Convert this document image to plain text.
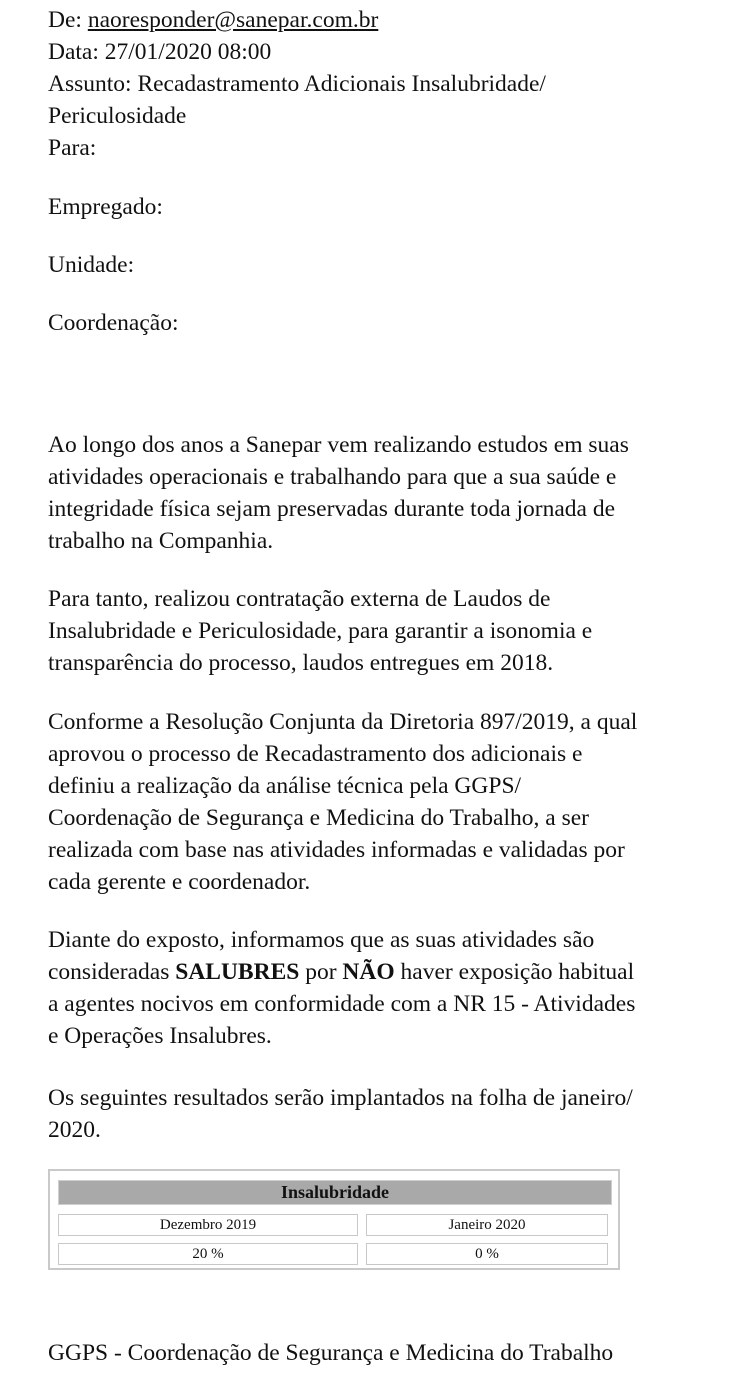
De: naoresponder@sanepar.com.br
Data: 27/01/2020 08:00
Assunto: Recadastramento Adicionais Insalubridade/
Periculosidade
Para:
Empregado:
Unidade:
Coordenação:
Ao longo dos anos a Sanepar vem realizando estudos em suas
atividades operacionais e trabalhando para que a sua saúde e
integridade física sejam preservadas durante toda jornada de
trabalho na Companhia.
Para tanto, realizou contratação externa de Laudos de
Insalubridade e Periculosidade, para garantir a isonomia e
transparência do processo, laudos entregues em 2018.
Conforme a Resolução Conjunta da Diretoria 897/2019, a qual
aprovou o processo de Recadastramento dos adicionais e
definiu a realização da análise técnica pela GGPS/
Coordenação de Segurança e Medicina do Trabalho, a ser
realizada com base nas atividades informadas e validadas por
cada gerente e coordenador.
Diante do exposto, informamos que as suas atividades são
consideradas SALUBRES por NÃO haver exposição habitual
a agentes nocivos em conformidade com a NR 15 - Atividades
e Operações Insalubres.
Os seguintes resultados serão implantados na folha de janeiro/
2020.
Insalubridade
Dezembro 2019	Janeiro 2020
20 %	0 %
GGPS - Coordenação de Segurança e Medicina do Trabalho
